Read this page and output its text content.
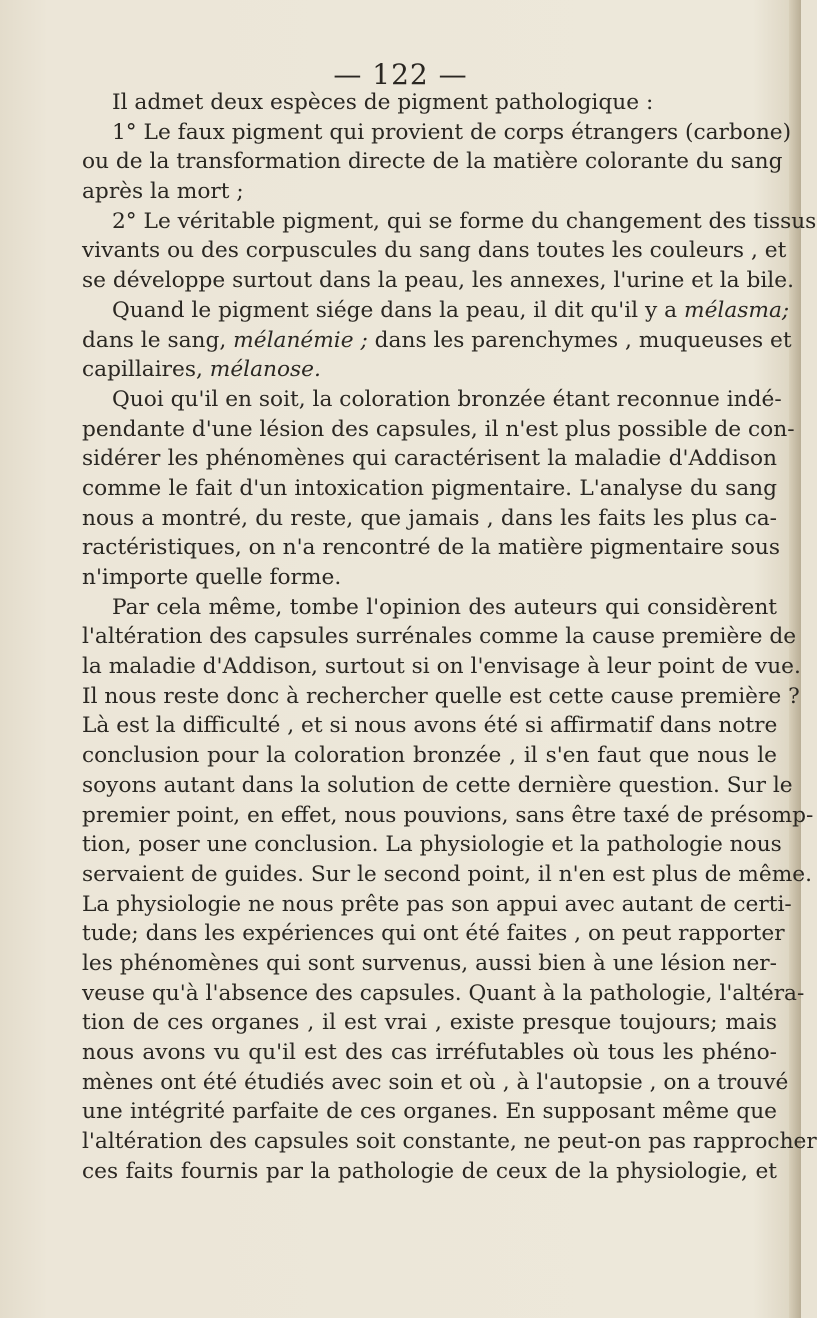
— 122 —
Il admet deux espèces de pigment pathologique :
1° Le faux pigment qui provient de corps étrangers (carbone)
ou de la transformation directe de la matière colorante du sang
après la mort ;
2° Le véritable pigment, qui se forme du changement des tissus
vivants ou des corpuscules du sang dans toutes les couleurs , et
se développe surtout dans la peau, les annexes, l'urine et la bile.
Quand le pigment siége dans la peau, il dit qu'il y a mélasma;
dans le sang, mélanémie ; dans les parenchymes , muqueuses et
capillaires, mélanose.
Quoi qu'il en soit, la coloration bronzée étant reconnue indé-
pendante d'une lésion des capsules, il n'est plus possible de con-
sidérer les phénomènes qui caractérisent la maladie d'Addison
comme le fait d'un intoxication pigmentaire. L'analyse du sang
nous a montré, du reste, que jamais , dans les faits les plus ca-
ractéristiques, on n'a rencontré de la matière pigmentaire sous
n'importe quelle forme.
Par cela même, tombe l'opinion des auteurs qui considèrent
l'altération des capsules surrénales comme la cause première de
la maladie d'Addison, surtout si on l'envisage à leur point de vue.
Il nous reste donc à rechercher quelle est cette cause première ?
Là est la difficulté , et si nous avons été si affirmatif dans notre
conclusion pour la coloration bronzée , il s'en faut que nous le
soyons autant dans la solution de cette dernière question. Sur le
premier point, en effet, nous pouvions, sans être taxé de présomp-
tion, poser une conclusion. La physiologie et la pathologie nous
servaient de guides. Sur le second point, il n'en est plus de même.
La physiologie ne nous prête pas son appui avec autant de certi-
tude; dans les expériences qui ont été faites , on peut rapporter
les phénomènes qui sont survenus, aussi bien à une lésion ner-
veuse qu'à l'absence des capsules. Quant à la pathologie, l'altéra-
tion de ces organes , il est vrai , existe presque toujours; mais
nous avons vu qu'il est des cas irréfutables où tous les phéno-
mènes ont été étudiés avec soin et où , à l'autopsie , on a trouvé
une intégrité parfaite de ces organes. En supposant même que
l'altération des capsules soit constante, ne peut-on pas rapprocher
ces faits fournis par la pathologie de ceux de la physiologie, et
